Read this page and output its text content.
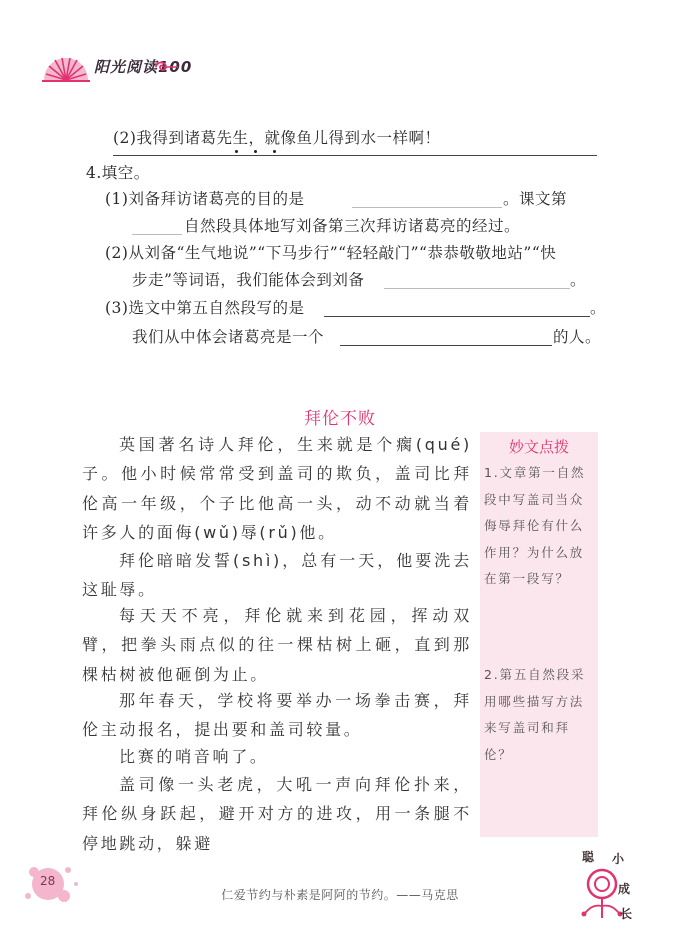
阳光阅读100
(2)我得到诸葛先生，就像鱼儿得到水一样啊！
4.填空。
(1)刘备拜访诸葛亮的目的是	。课文第
自然段具体地写刘备第三次拜访诸葛亮的经过。
(2)从刘备“生气地说”“下马步行”“轻轻敲门”“恭恭敬敬地站”“快
步走”等词语，我们能体会到刘备	。
(3)选文中第五自然段写的是	。
我们从中体会诸葛亮是一个	的人。
拜伦不败
英国著名诗人拜伦，生来就是个瘸(qué)子。他小时候常常受到盖司的欺负，盖司比拜伦高一年级，个子比他高一头，动不动就当着许多人的面侮(wǔ)辱(rǔ)他。
拜伦暗暗发誓(shì)，总有一天，他要洗去这耻辱。
每天天不亮，拜伦就来到花园，挥动双臂，把拳头雨点似的往一棵枯树上砸，直到那棵枯树被他砸倒为止。
那年春天，学校将要举办一场拳击赛，拜伦主动报名，提出要和盖司较量。
比赛的哨音响了。
盖司像一头老虎，大吼一声向拜伦扑来，拜伦纵身跃起，避开对方的进攻，用一条腿不停地跳动，躲避
妙文点拨
1.文章第一自然段中写盖司当众侮辱拜伦有什么作用？为什么放在第一段写？
2.第五自然段采用哪些描写方法来写盖司和拜伦？
28
仁爱节约与朴素是阿阿的节约。——马克思
聪 小
成
长
